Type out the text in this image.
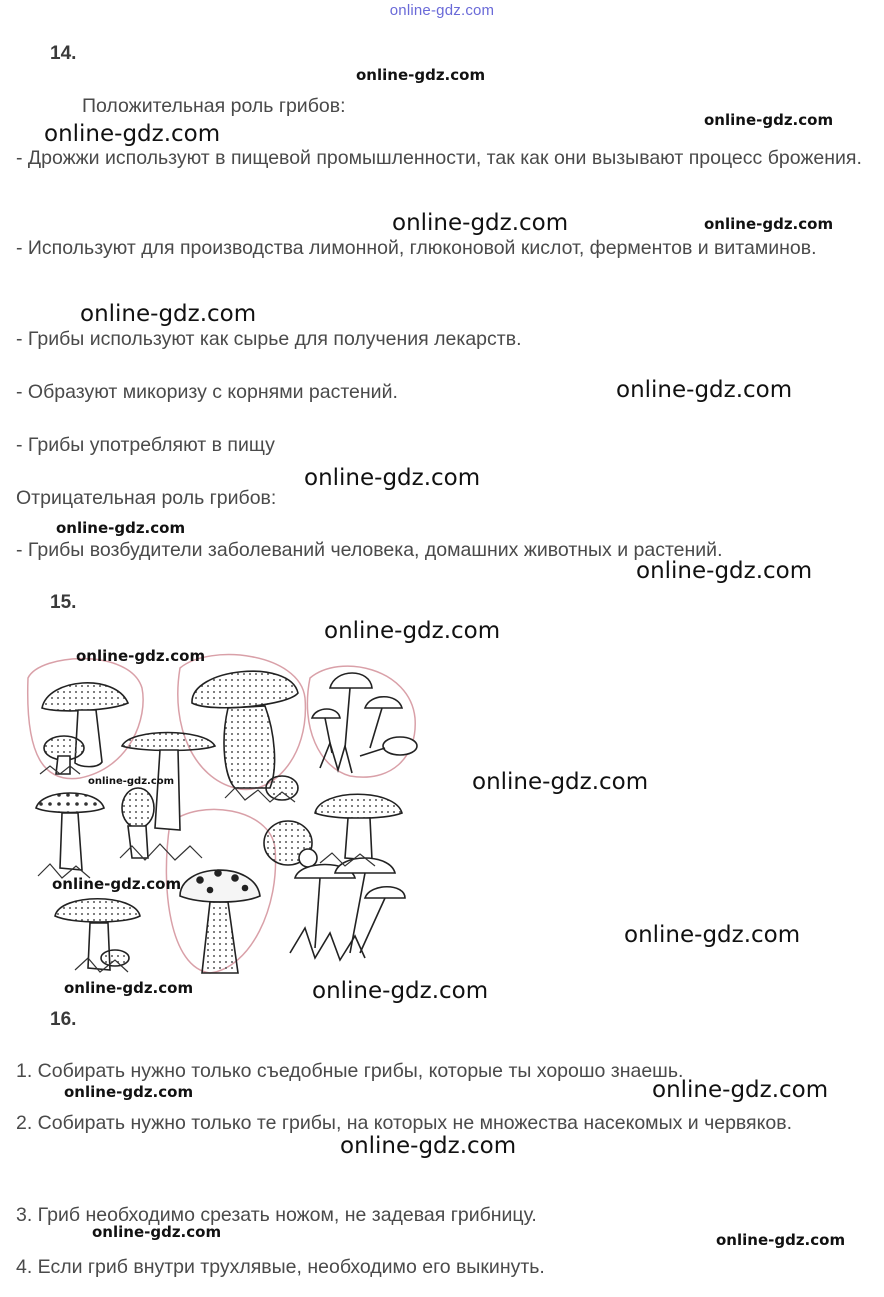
online-gdz.com
14.
Положительная роль грибов:
- Дрожжи используют в пищевой промышленности, так как они вызывают процесс брожения.
- Используют для производства лимонной, глюконовой кислот, ферментов и витаминов.
- Грибы используют как сырье для получения лекарств.
- Образуют микоризу с корнями растений.
- Грибы употребляют в пищу
Отрицательная роль грибов:
- Грибы возбудители заболеваний человека, домашних животных и растений.
15.
16.
1. Собирать нужно только съедобные грибы, которые ты хорошо знаешь.
2. Собирать нужно только те грибы, на которых не множества насекомых и червяков.
3. Гриб необходимо срезать ножом, не задевая грибницу.
4. Если гриб внутри трухлявые, необходимо его выкинуть.
online-gdz.com
online-gdz.com
online-gdz.com
online-gdz.com	online-gdz.com
online-gdz.com
online-gdz.com
online-gdz.com
online-gdz.com
online-gdz.com
online-gdz.com
online-gdz.com
online-gdz.com	online-gdz.com
online-gdz.com
online-gdz.com
online-gdz.com	online-gdz.com
online-gdz.com	online-gdz.com
online-gdz.com
online-gdz.com	online-gdz.com
